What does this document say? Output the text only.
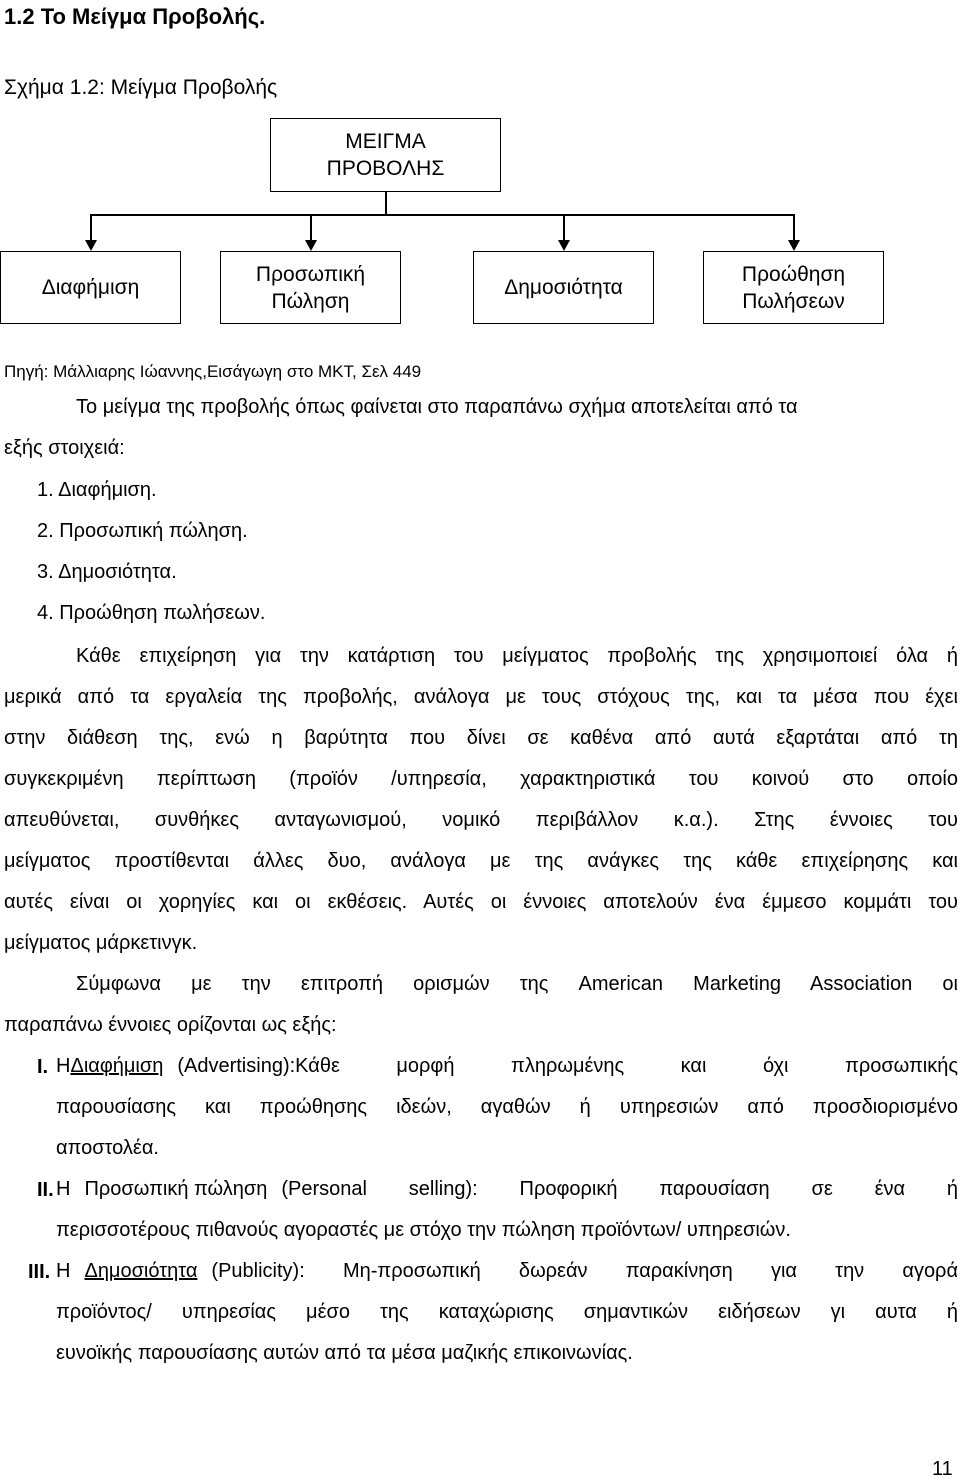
1.2 Το Μείγμα Προβολής.
Σχήμα 1.2: Μείγμα Προβολής
ΜΕΙΓΜΑ
ΠΡΟΒΟΛΗΣ
Διαφήμιση
Προσωπική
Πώληση
Δημοσιότητα
Προώθηση
Πωλήσεων
Πηγή: Μάλλιαρης Ιώαννης,Εισάγωγη στο ΜΚΤ, Σελ 449
Το μείγμα της προβολής όπως φαίνεται στο παραπάνω σχήμα αποτελείται από τα
εξής στοιχειά:
1. Διαφήμιση.
2. Προσωπική πώληση.
3. Δημοσιότητα.
4. Προώθηση πωλήσεων.
Κάθε επιχείρηση για την κατάρτιση του μείγματος προβολής της χρησιμοποιεί όλα ή
μερικά από τα εργαλεία της προβολής, ανάλογα με τους στόχους της, και τα μέσα που έχει
στην διάθεση της, ενώ η βαρύτητα που δίνει σε καθένα από αυτά εξαρτάται από τη
συγκεκριμένη περίπτωση (προϊόν /υπηρεσία, χαρακτηριστικά του κοινού στο οποίο
απευθύνεται, συνθήκες ανταγωνισμού, νομικό περιβάλλον κ.α.). Στης έννοιες του
μείγματος προστίθενται άλλες δυο, ανάλογα με της ανάγκες της κάθε επιχείρησης και
αυτές είναι οι χορηγίες και οι εκθέσεις. Αυτές οι έννοιες αποτελούν ένα έμμεσο κομμάτι του
μείγματος μάρκετινγκ.
Σύμφωνα με την επιτροπή ορισμών της American Marketing Association οι
παραπάνω έννοιες ορίζονται ως εξής:
I. Η Διαφήμιση (Advertising):Κάθε μορφή πληρωμένης και όχι προσωπικής
παρουσίασης και προώθησης ιδεών, αγαθών ή υπηρεσιών από προσδιορισμένο
αποστολέα.
II. Η Προσωπική πώληση (Personal selling): Προφορική παρουσίαση σε ένα ή
περισσοτέρους πιθανούς αγοραστές με στόχο την πώληση προϊόντων/ υπηρεσιών.
III. Η Δημοσιότητα (Publicity): Μη-προσωπική δωρεάν παρακίνηση για την αγορά
προϊόντος/ υπηρεσίας μέσο της καταχώρισης σημαντικών ειδήσεων γι αυτα ή
ευνοϊκής παρουσίασης αυτών από τα μέσα μαζικής επικοινωνίας.
11
